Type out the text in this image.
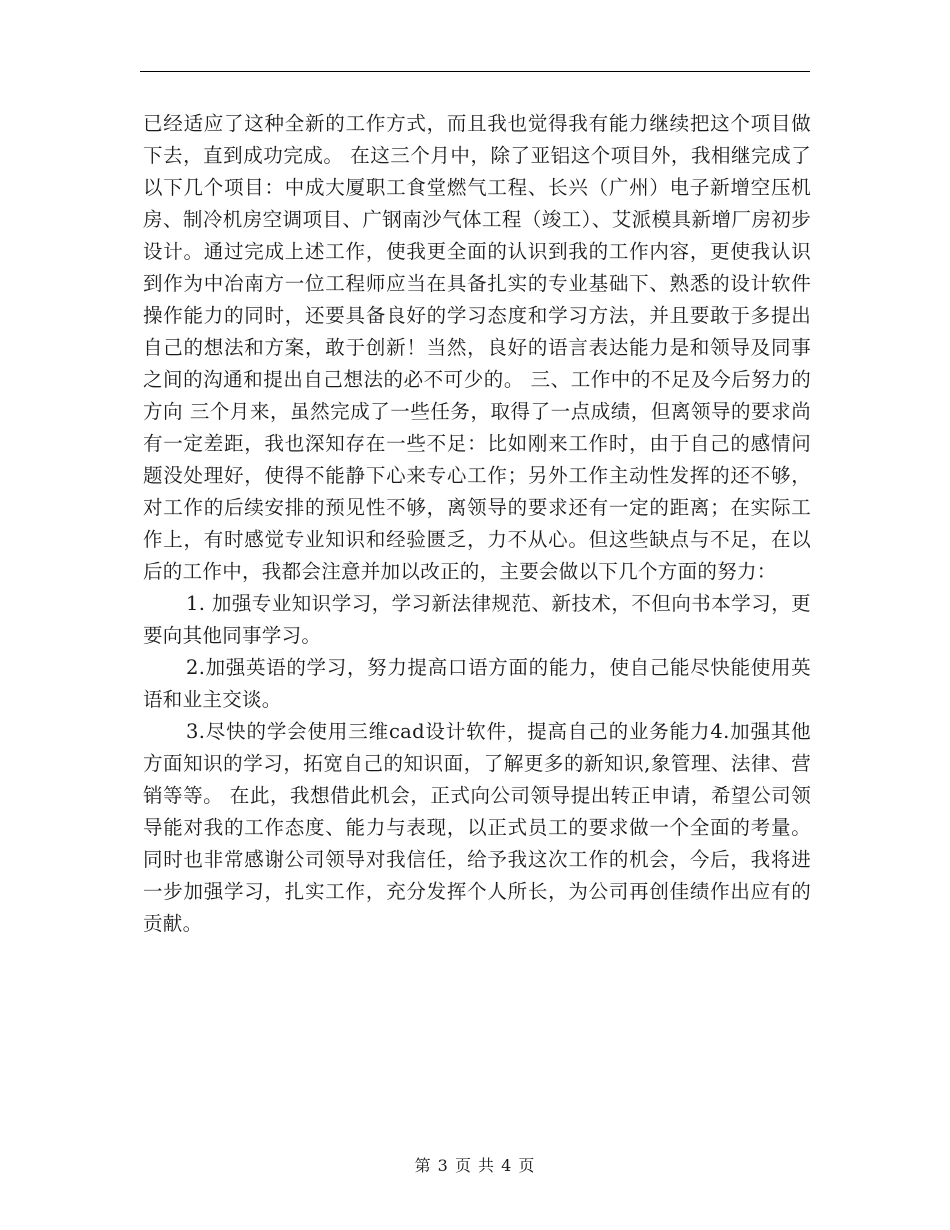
已经适应了这种全新的工作方式，而且我也觉得我有能力继续把这个项目做下去，直到成功完成。 在这三个月中，除了亚铝这个项目外，我相继完成了以下几个项目：中成大厦职工食堂燃气工程、长兴（广州）电子新增空压机房、制冷机房空调项目、广钢南沙气体工程（竣工）、艾派模具新增厂房初步设计。通过完成上述工作，使我更全面的认识到我的工作内容，更使我认识到作为中冶南方一位工程师应当在具备扎实的专业基础下、熟悉的设计软件操作能力的同时，还要具备良好的学习态度和学习方法，并且要敢于多提出自己的想法和方案，敢于创新！当然，良好的语言表达能力是和领导及同事之间的沟通和提出自己想法的必不可少的。 三、工作中的不足及今后努力的方向 三个月来，虽然完成了一些任务，取得了一点成绩，但离领导的要求尚有一定差距，我也深知存在一些不足：比如刚来工作时，由于自己的感情问题没处理好，使得不能静下心来专心工作；另外工作主动性发挥的还不够，对工作的后续安排的预见性不够，离领导的要求还有一定的距离；在实际工作上，有时感觉专业知识和经验匮乏，力不从心。但这些缺点与不足，在以后的工作中，我都会注意并加以改正的，主要会做以下几个方面的努力：

1. 加强专业知识学习，学习新法律规范、新技术，不但向书本学习，更要向其他同事学习。

2.加强英语的学习，努力提高口语方面的能力，使自己能尽快能使用英语和业主交谈。

3.尽快的学会使用三维cad设计软件，提高自己的业务能力4.加强其他方面知识的学习，拓宽自己的知识面，了解更多的新知识,象管理、法律、营销等等。 在此，我想借此机会，正式向公司领导提出转正申请，希望公司领导能对我的工作态度、能力与表现，以正式员工的要求做一个全面的考量。同时也非常感谢公司领导对我信任，给予我这次工作的机会，今后，我将进一步加强学习，扎实工作，充分发挥个人所长，为公司再创佳绩作出应有的贡献。

第 3 页 共 4 页
